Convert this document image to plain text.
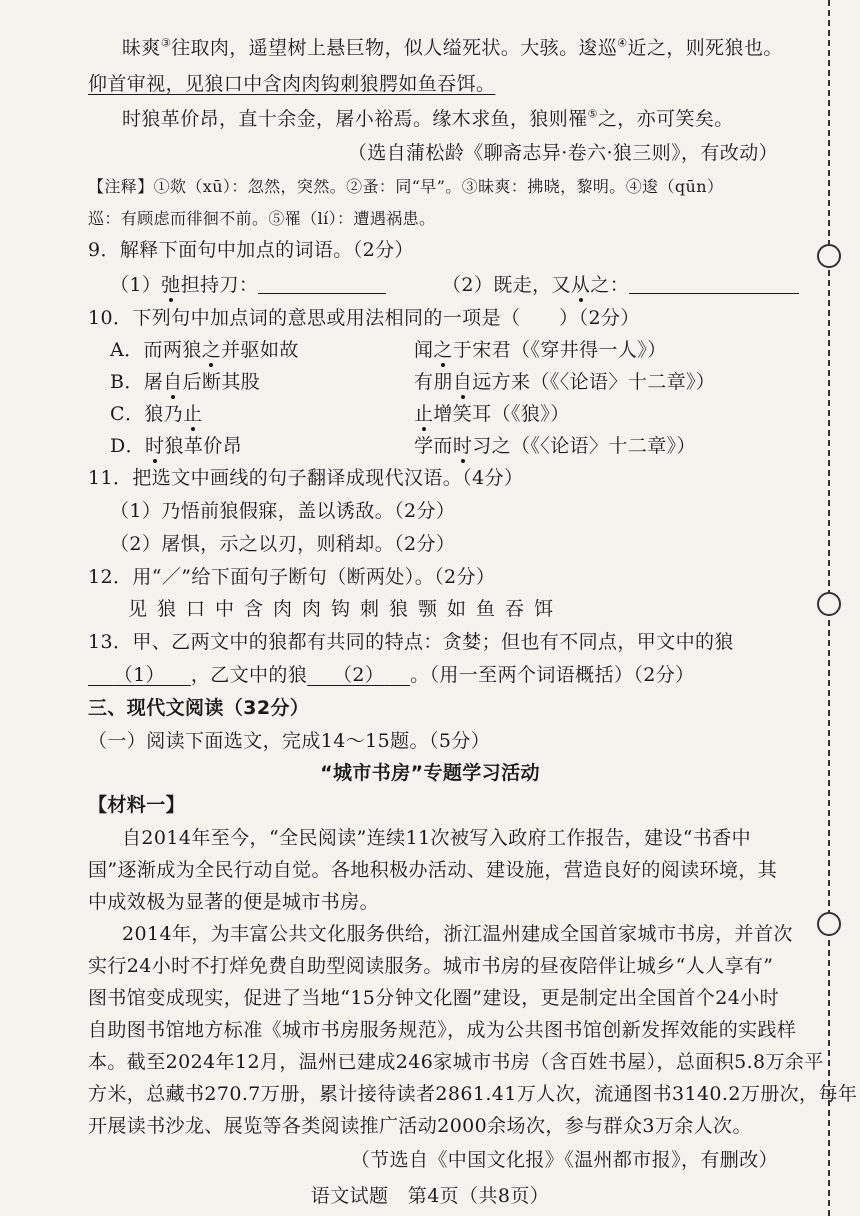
昧爽③往取肉，遥望树上悬巨物，似人缢死状。大骇。逡巡④近之，则死狼也。
仰首审视，见狼口中含肉肉钩刺狼腭如鱼吞饵。
时狼革价昂，直十余金，屠小裕焉。缘木求鱼，狼则罹⑤之，亦可笑矣。
（选自蒲松龄《聊斋志异·卷六·狼三则》，有改动）
【注释】①欻（xū）：忽然，突然。②蚤：同“早”。③昧爽：拂晓，黎明。④逡（qūn）
巡：有顾虑而徘徊不前。⑤罹（lí）：遭遇祸患。
9．解释下面句中加点的词语。（2分）
（1）弛担持刀：	（2）既走，又从之：
10．下列句中加点词的意思或用法相同的一项是（　　）（2分）
A．而两狼之并驱如故	闻之于宋君（《穿井得一人》）
B．屠自后断其股	有朋自远方来（《〈论语〉十二章》）
C．狼乃止	止增笑耳（《狼》）
D．时狼革价昂	学而时习之（《〈论语〉十二章》）
11．把选文中画线的句子翻译成现代汉语。（4分）
（1）乃悟前狼假寐，盖以诱敌。（2分）
（2）屠惧，示之以刃，则稍却。（2分）
12．用“／”给下面句子断句（断两处）。（2分）
见狼口中含肉肉钩刺狼颚如鱼吞饵
13．甲、乙两文中的狼都有共同的特点：贪婪；但也有不同点，甲文中的狼
（1） ，乙文中的狼 （2） 。（用一至两个词语概括）（2分）
三、现代文阅读（32分）
（一）阅读下面选文，完成14～15题。（5分）
“城市书房”专题学习活动
【材料一】
自2014年至今，“全民阅读”连续11次被写入政府工作报告，建设“书香中
国”逐渐成为全民行动自觉。各地积极办活动、建设施，营造良好的阅读环境，其
中成效极为显著的便是城市书房。
2014年，为丰富公共文化服务供给，浙江温州建成全国首家城市书房，并首次
实行24小时不打烊免费自助型阅读服务。城市书房的昼夜陪伴让城乡“人人享有”
图书馆变成现实，促进了当地“15分钟文化圈”建设，更是制定出全国首个24小时
自助图书馆地方标准《城市书房服务规范》，成为公共图书馆创新发挥效能的实践样
本。截至2024年12月，温州已建成246家城市书房（含百姓书屋），总面积5.8万余平
方米，总藏书270.7万册，累计接待读者2861.41万人次，流通图书3140.2万册次，每年
开展读书沙龙、展览等各类阅读推广活动2000余场次，参与群众3万余人次。
（节选自《中国文化报》《温州都市报》，有删改）
语文试题　第4页（共8页）
